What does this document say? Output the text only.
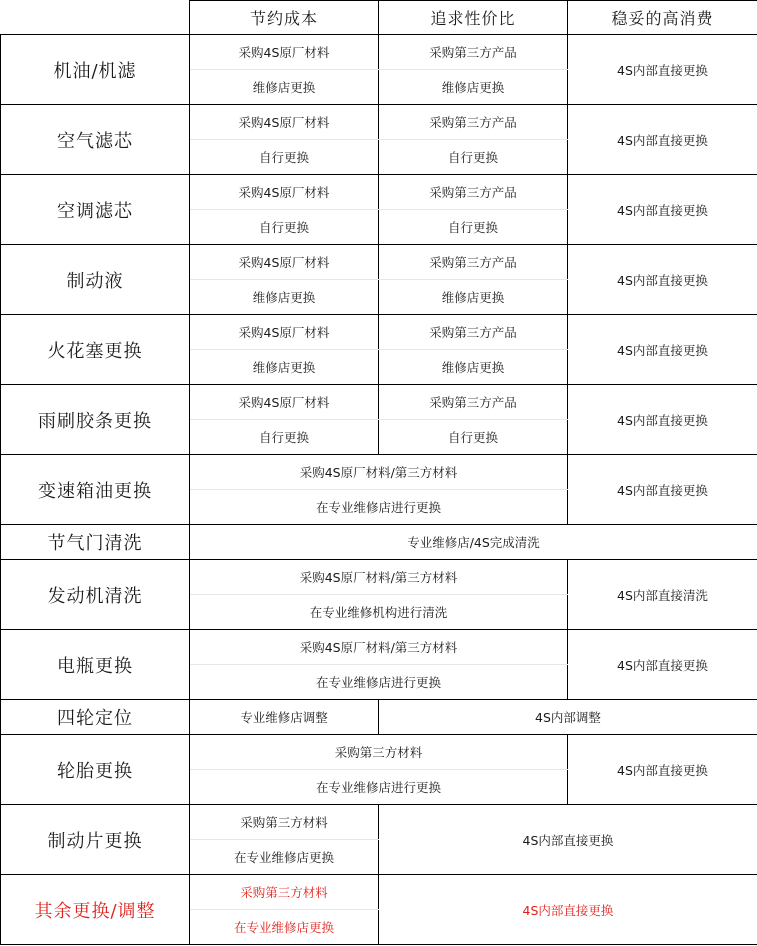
	节约成本	追求性价比	稳妥的高消费
机油/机滤	采购4S原厂材料	采购第三方产品	4S内部直接更换
	维修店更换	维修店更换	
空气滤芯	采购4S原厂材料	采购第三方产品	4S内部直接更换
	自行更换	自行更换	
空调滤芯	采购4S原厂材料	采购第三方产品	4S内部直接更换
	自行更换	自行更换	
制动液	采购4S原厂材料	采购第三方产品	4S内部直接更换
	维修店更换	维修店更换	
火花塞更换	采购4S原厂材料	采购第三方产品	4S内部直接更换
	维修店更换	维修店更换	
雨刷胶条更换	采购4S原厂材料	采购第三方产品	4S内部直接更换
	自行更换	自行更换	
变速箱油更换	采购4S原厂材料/第三方材料		4S内部直接更换
	在专业维修店进行更换		
节气门清洗	专业维修店/4S完成清洗		
发动机清洗	采购4S原厂材料/第三方材料		4S内部直接清洗
	在专业维修机构进行清洗		
电瓶更换	采购4S原厂材料/第三方材料		4S内部直接更换
	在专业维修店进行更换		
四轮定位	专业维修店调整	4S内部调整	
轮胎更换	采购第三方材料		4S内部直接更换
	在专业维修店进行更换		
制动片更换	采购第三方材料	4S内部直接更换	
	在专业维修店更换		
其余更换/调整	采购第三方材料	4S内部直接更换	
	在专业维修店更换		
